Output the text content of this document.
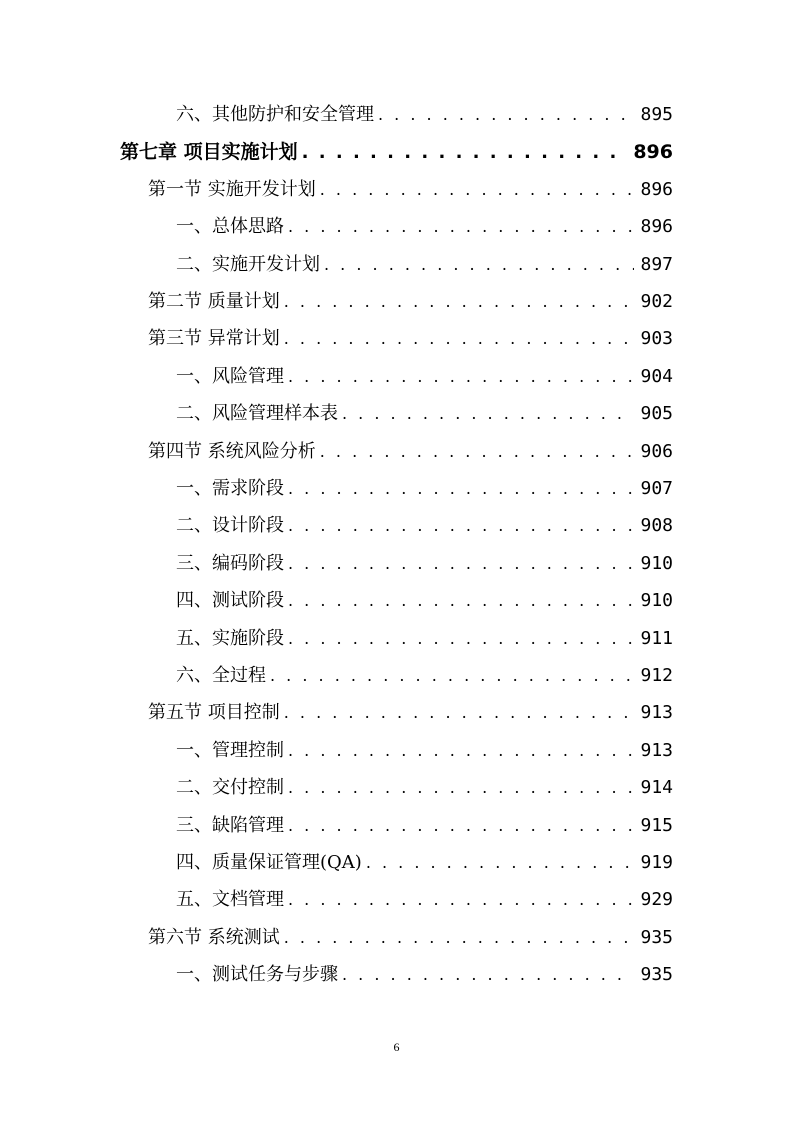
六、其他防护和安全管理 . . .	895
第七章 项目实施计划 . . .	896
第一节 实施开发计划 . . .	896
一、总体思路 . . .	896
二、实施开发计划 . . .	897
第二节 质量计划 . . .	902
第三节 异常计划 . . .	903
一、风险管理 . . .	904
二、风险管理样本表 . . .	905
第四节 系统风险分析 . . .	906
一、需求阶段 . . .	907
二、设计阶段 . . .	908
三、编码阶段 . . .	910
四、测试阶段 . . .	910
五、实施阶段 . . .	911
六、全过程 . . .	912
第五节 项目控制 . . .	913
一、管理控制 . . .	913
二、交付控制 . . .	914
三、缺陷管理 . . .	915
四、质量保证管理(QA) . . .	919
五、文档管理 . . .	929
第六节 系统测试 . . .	935
一、测试任务与步骤 . . .	935
6
